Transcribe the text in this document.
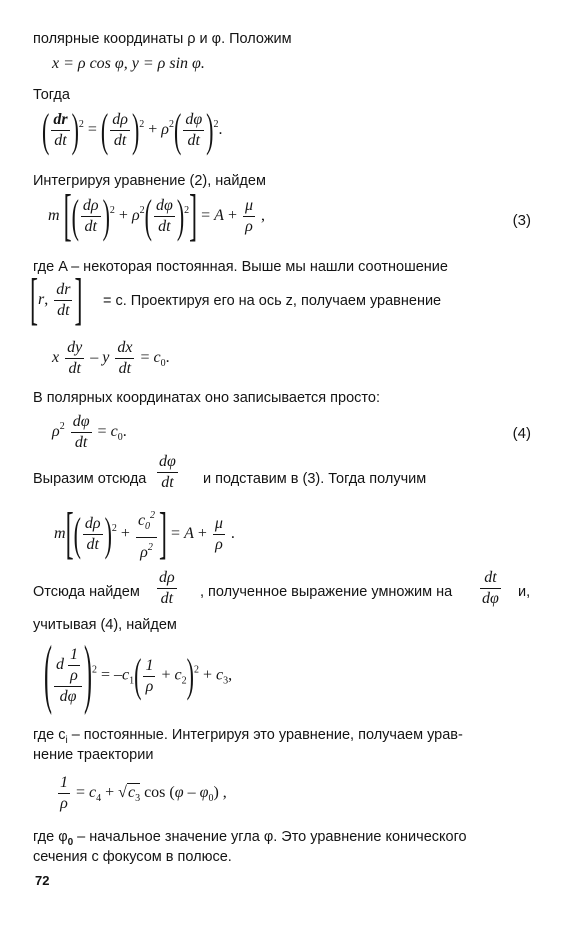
полярные координаты ρ и φ. Положим
x = ρ cos φ, y = ρ sin φ.
Тогда
( $\frac{dr}{dt} )^2$ = ( $\frac{d\rho}{dt} )^2 + \rho^2( \frac{d\varphi}{dt} )^2$.
Интегрируя уравнение (2), найдем
m [( $\frac{d\rho}{dt} )^2 + \rho^2( \frac{d\varphi}{dt} )^2] = A + \frac{\mu}{\rho}$ ,	(3)
где A – некоторая постоянная. Выше мы нашли соотношение
[r, $\frac{dr}{dt}$ ] = c. Проектируя его на ось z, получаем уравнение
x $\frac{dy}{dt} - y \frac{dx}{dt} = c_0$.
В полярных координатах оно записывается просто:
$\rho^2 \frac{d\varphi}{dt} = c_0$.	(4)
Выразим отсюда $\frac{d\varphi}{dt}$ и подставим в (3). Тогда получим
$m[( \frac{d\rho}{dt} )^2 + \frac{c_0^2}{\rho^2}$ ] = $A + \frac{\mu}{\rho}$ .
Отсюда найдем $\frac{d\rho}{dt}$ , полученное выражение умножим на $\frac{dt}{d\varphi} и$,
учитывая (4), найдем
( $\frac{d \frac{1}{\rho}}{d\varphi} )^2 = -c_1( \frac{1}{\rho} + c_2)^2 + c_3$,
где $c_i$ – постоянные. Интегрируя это уравнение, получаем урав-
нение траектории
$\frac{1}{\rho} = c_4 + √c_3$ $\cos (\varphi - \varphi_0)$ ,
где $\varphi_0$ – начальное значение угла φ. Это уравнение конического
сечения с фокусом в полюсе.
72
